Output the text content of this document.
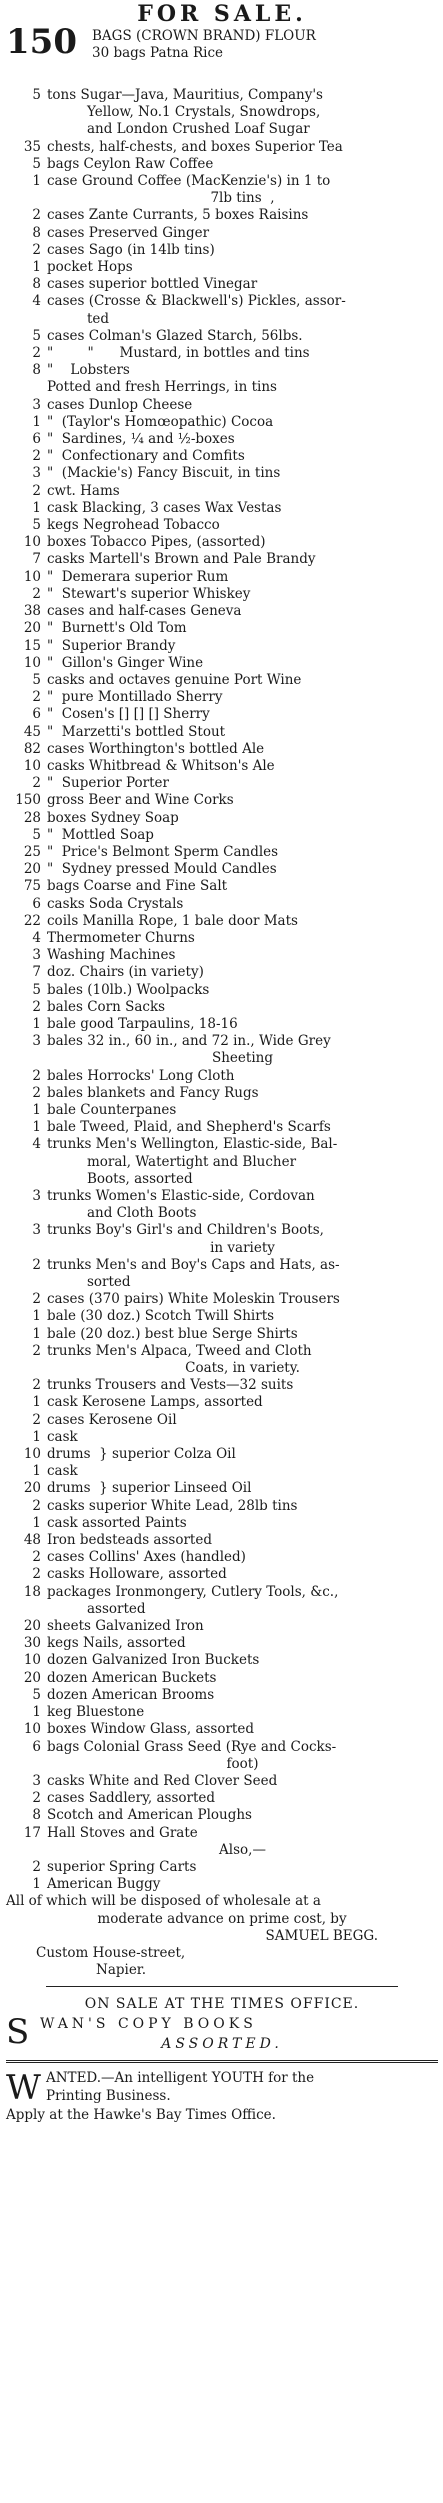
FOR SALE.
150 BAGS (CROWN BRAND) FLOUR
30 bags Patna Rice
5 tons Sugar—Java, Mauritius, Company's
Yellow, No.1 Crystals, Snowdrops,
and London Crushed Loaf Sugar
35 chests, half-chests, and boxes Superior Tea
5 bags Ceylon Raw Coffee
1 case Ground Coffee (MacKenzie's) in 1 to
7lb tins  ,
2 cases Zante Currants, 5 boxes Raisins
8 cases Preserved Ginger
2 cases Sago (in 14lb tins)
1 pocket Hops
8 cases superior bottled Vinegar
4 cases (Crosse & Blackwell's) Pickles, assor-
ted
5 cases Colman's Glazed Starch, 56lbs.
2 "        "      Mustard, in bottles and tins
8 "    Lobsters
Potted and fresh Herrings, in tins
3 cases Dunlop Cheese
1 "  (Taylor's Homœopathic) Cocoa
6 "  Sardines, ¼ and ½-boxes
2 "  Confectionary and Comfits
3 "  (Mackie's) Fancy Biscuit, in tins
2 cwt. Hams
1 cask Blacking, 3 cases Wax Vestas
5 kegs Negrohead Tobacco
10 boxes Tobacco Pipes, (assorted)
7 casks Martell's Brown and Pale Brandy
10 "  Demerara superior Rum
2 "  Stewart's superior Whiskey
38 cases and half-cases Geneva
20 "  Burnett's Old Tom
15 "  Superior Brandy
10 "  Gillon's Ginger Wine
5 casks and octaves genuine Port Wine
2 "  pure Montillado Sherry
6 "  Cosen's [] [] [] Sherry
45 "  Marzetti's bottled Stout
82 cases Worthington's bottled Ale
10 casks Whitbread & Whitson's Ale
2 "  Superior Porter
150 gross Beer and Wine Corks
28 boxes Sydney Soap
5 "  Mottled Soap
25 "  Price's Belmont Sperm Candles
20 "  Sydney pressed Mould Candles
75 bags Coarse and Fine Salt
6 casks Soda Crystals
22 coils Manilla Rope, 1 bale door Mats
4 Thermometer Churns
3 Washing Machines
7 doz. Chairs (in variety)
5 bales (10lb.) Woolpacks
2 bales Corn Sacks
1 bale good Tarpaulins, 18-16
3 bales 32 in., 60 in., and 72 in., Wide Grey
Sheeting
2 bales Horrocks' Long Cloth
2 bales blankets and Fancy Rugs
1 bale Counterpanes
1 bale Tweed, Plaid, and Shepherd's Scarfs
4 trunks Men's Wellington, Elastic-side, Bal-
moral, Watertight and Blucher
Boots, assorted
3 trunks Women's Elastic-side, Cordovan
and Cloth Boots
3 trunks Boy's Girl's and Children's Boots,
in variety
2 trunks Men's and Boy's Caps and Hats, as-
sorted
2 cases (370 pairs) White Moleskin Trousers
1 bale (30 doz.) Scotch Twill Shirts
1 bale (20 doz.) best blue Serge Shirts
2 trunks Men's Alpaca, Tweed and Cloth
Coats, in variety.
2 trunks Trousers and Vests—32 suits
1 cask Kerosene Lamps, assorted
2 cases Kerosene Oil
1 cask
10 drums  } superior Colza Oil
1 cask
20 drums  } superior Linseed Oil
2 casks superior White Lead, 28lb tins
1 cask assorted Paints
48 Iron bedsteads assorted
2 cases Collins' Axes (handled)
2 casks Holloware, assorted
18 packages Ironmongery, Cutlery Tools, &c.,
assorted
20 sheets Galvanized Iron
30 kegs Nails, assorted
10 dozen Galvanized Iron Buckets
20 dozen American Buckets
5 dozen American Brooms
1 keg Bluestone
10 boxes Window Glass, assorted
6 bags Colonial Grass Seed (Rye and Cocks-
foot)
3 casks White and Red Clover Seed
2 cases Saddlery, assorted
8 Scotch and American Ploughs
17 Hall Stoves and Grate
Also,—
2 superior Spring Carts
1 American Buggy
All of which will be disposed of wholesale at a
moderate advance on prime cost, by
SAMUEL BEGG.
Custom House-street,
Napier.
ON SALE AT THE TIMES OFFICE.
S WAN'S COPY BOOKS
ASSORTED.
W ANTED.—An intelligent YOUTH for the
Printing Business.
Apply at the Hawke's Bay Times Office.
